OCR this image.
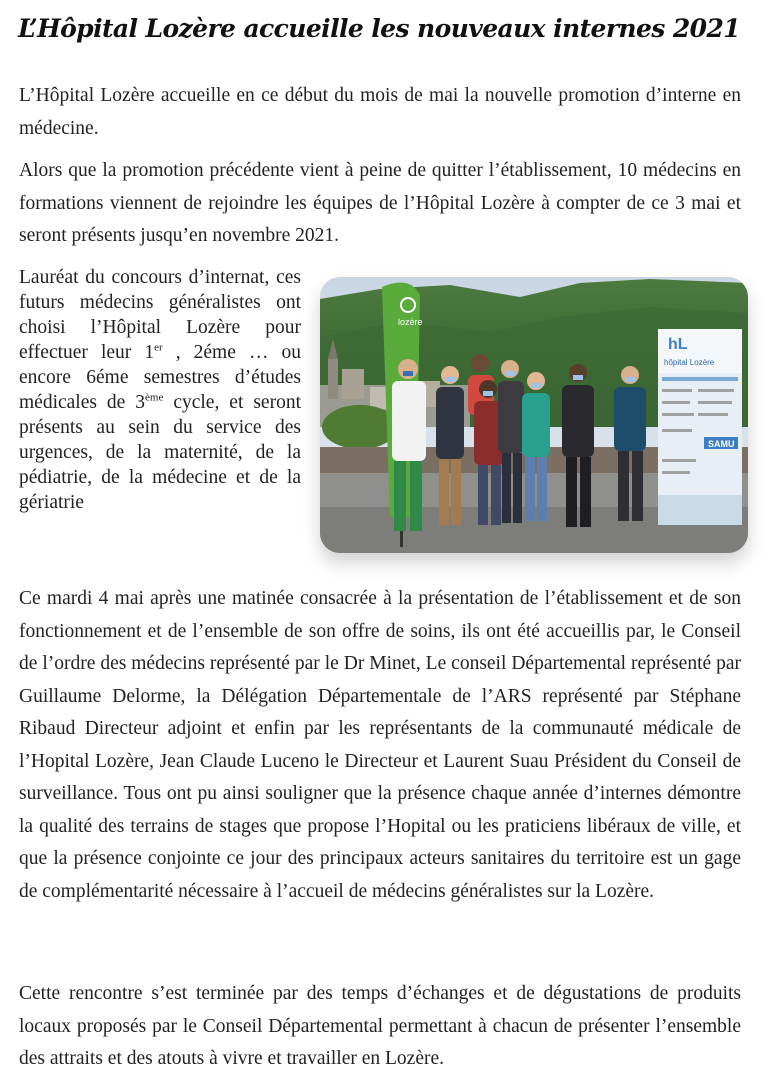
L’Hôpital Lozère accueille les nouveaux internes 2021

L’Hôpital Lozère accueille en ce début du mois de mai la nouvelle promotion d’interne en médecine.

Alors que la promotion précédente vient à peine de quitter l’établissement, 10 médecins en formations viennent de rejoindre les équipes de l’Hôpital Lozère à compter de ce 3 mai et seront présents jusqu’en novembre 2021.

Lauréat du concours d’internat, ces futurs médecins généralistes ont choisi l’Hôpital Lozère pour effectuer leur 1er , 2éme … ou encore 6éme semestres d’études médicales de 3ème cycle, et seront présents au sein du service des urgences, de la maternité, de la pédiatrie, de la médecine et de la gériatrie

lozère
hL
hôpital Lozère
SAMU

Ce mardi 4 mai après une matinée consacrée à la présentation de l’établissement et de son fonctionnement et de l’ensemble de son offre de soins, ils ont été accueillis par, le Conseil de l’ordre des médecins représenté par le Dr Minet, Le conseil Départemental représenté par Guillaume Delorme, la Délégation Départementale de l’ARS représenté par Stéphane Ribaud Directeur adjoint et enfin par les représentants de la communauté médicale de l’Hopital Lozère, Jean Claude Luceno le Directeur et Laurent Suau Président du Conseil de surveillance. Tous ont pu ainsi souligner que la présence chaque année d’internes démontre la qualité des terrains de stages que propose l’Hopital ou les praticiens libéraux de ville, et que la présence conjointe ce jour des principaux acteurs sanitaires du territoire est un gage de complémentarité nécessaire à l’accueil de médecins généralistes sur la Lozère.

Cette rencontre s’est terminée par des temps d’échanges et de dégustations de produits locaux proposés par le Conseil Départemental permettant à chacun de présenter l’ensemble des attraits et des atouts à vivre et travailler en Lozère.
